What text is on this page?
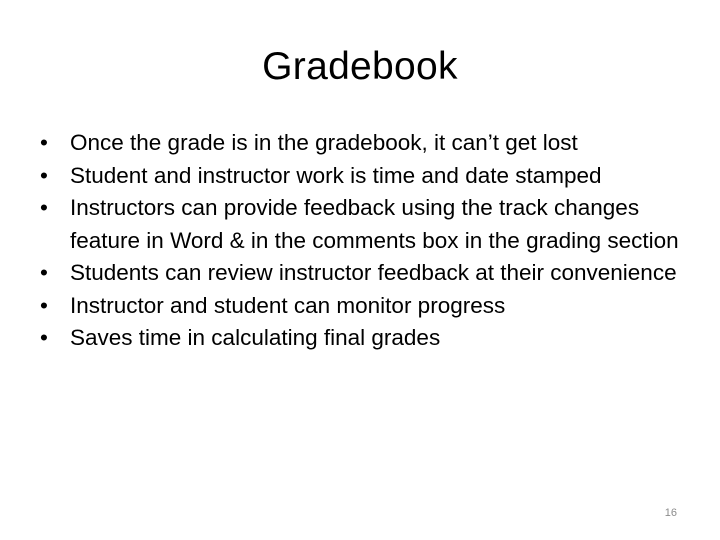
Gradebook
• Once the grade is in the gradebook, it can’t get lost
• Student and instructor work is time and date stamped
• Instructors can provide feedback using the track changes feature in Word & in the comments box in the grading section
• Students can review instructor feedback at their convenience
• Instructor and student can monitor progress
• Saves time in calculating final grades
16
